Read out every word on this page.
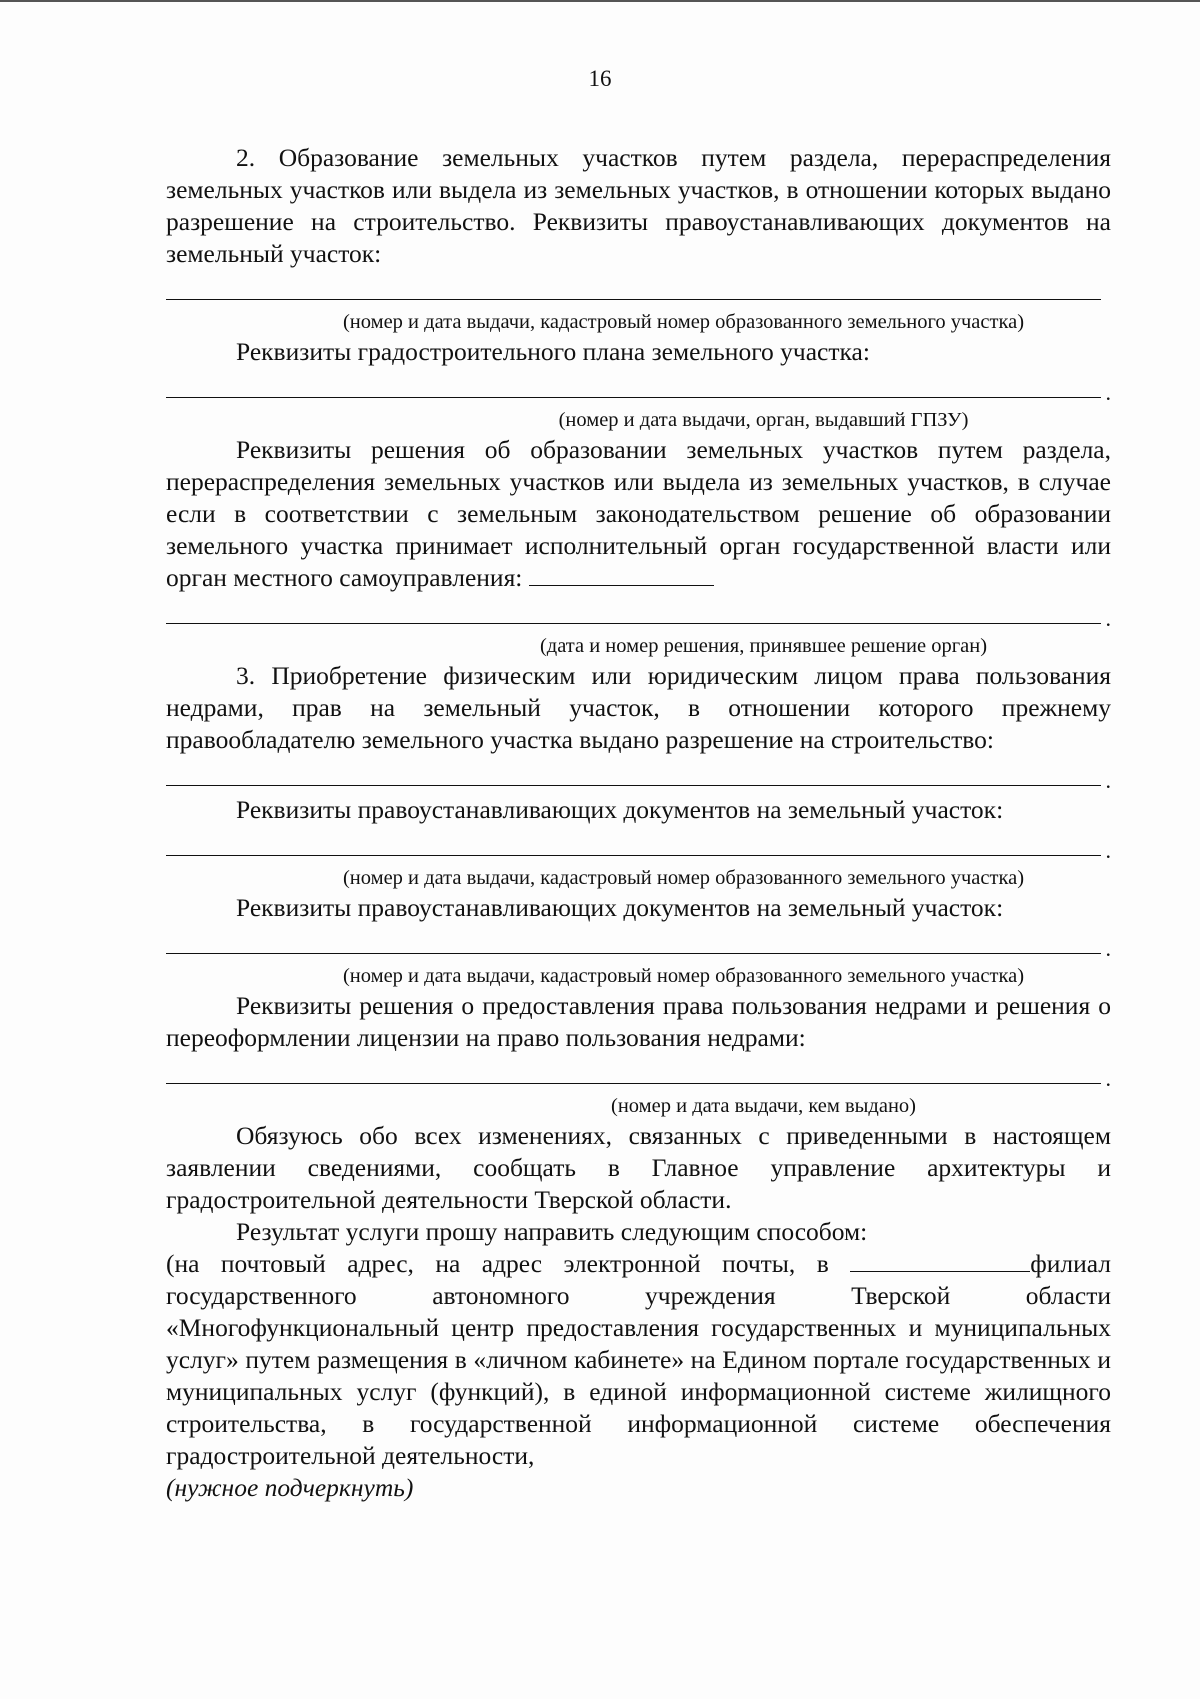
16

2. Образование земельных участков путем раздела, перераспределения земельных участков или выдела из земельных участков, в отношении которых выдано разрешение на строительство. Реквизиты правоустанавливающих документов на земельный участок:

(номер и дата выдачи, кадастровый номер образованного земельного участка)

Реквизиты градостроительного плана земельного участка:

.

(номер и дата выдачи, орган, выдавший ГПЗУ)

Реквизиты решения об образовании земельных участков путем раздела, перераспределения земельных участков или выдела из земельных участков, в случае если в соответствии с земельным законодательством решение об образовании земельного участка принимает исполнительный орган государственной власти или орган местного самоуправления:

.

(дата и номер решения, принявшее решение орган)

3. Приобретение физическим или юридическим лицом права пользования недрами, прав на земельный участок, в отношении которого прежнему правообладателю земельного участка выдано разрешение на строительство:

.

Реквизиты правоустанавливающих документов на земельный участок:

.

(номер и дата выдачи, кадастровый номер образованного земельного участка)

Реквизиты правоустанавливающих документов на земельный участок:

.

(номер и дата выдачи, кадастровый номер образованного земельного участка)

Реквизиты решения о предоставления права пользования недрами и решения о переоформлении лицензии на право пользования недрами:

.

(номер и дата выдачи, кем выдано)

Обязуюсь обо всех изменениях, связанных с приведенными в настоящем заявлении сведениями, сообщать в Главное управление архитектуры и градостроительной деятельности Тверской области.

Результат услуги прошу направить следующим способом:

(на почтовый адрес, на адрес электронной почты, в	филиал государственного автономного учреждения Тверской области «Многофункциональный центр предоставления государственных и муниципальных услуг» путем размещения в «личном кабинете» на Едином портале государственных и муниципальных услуг (функций), в единой информационной системе жилищного строительства, в государственной информационной системе обеспечения градостроительной деятельности,

(нужное подчеркнуть)
